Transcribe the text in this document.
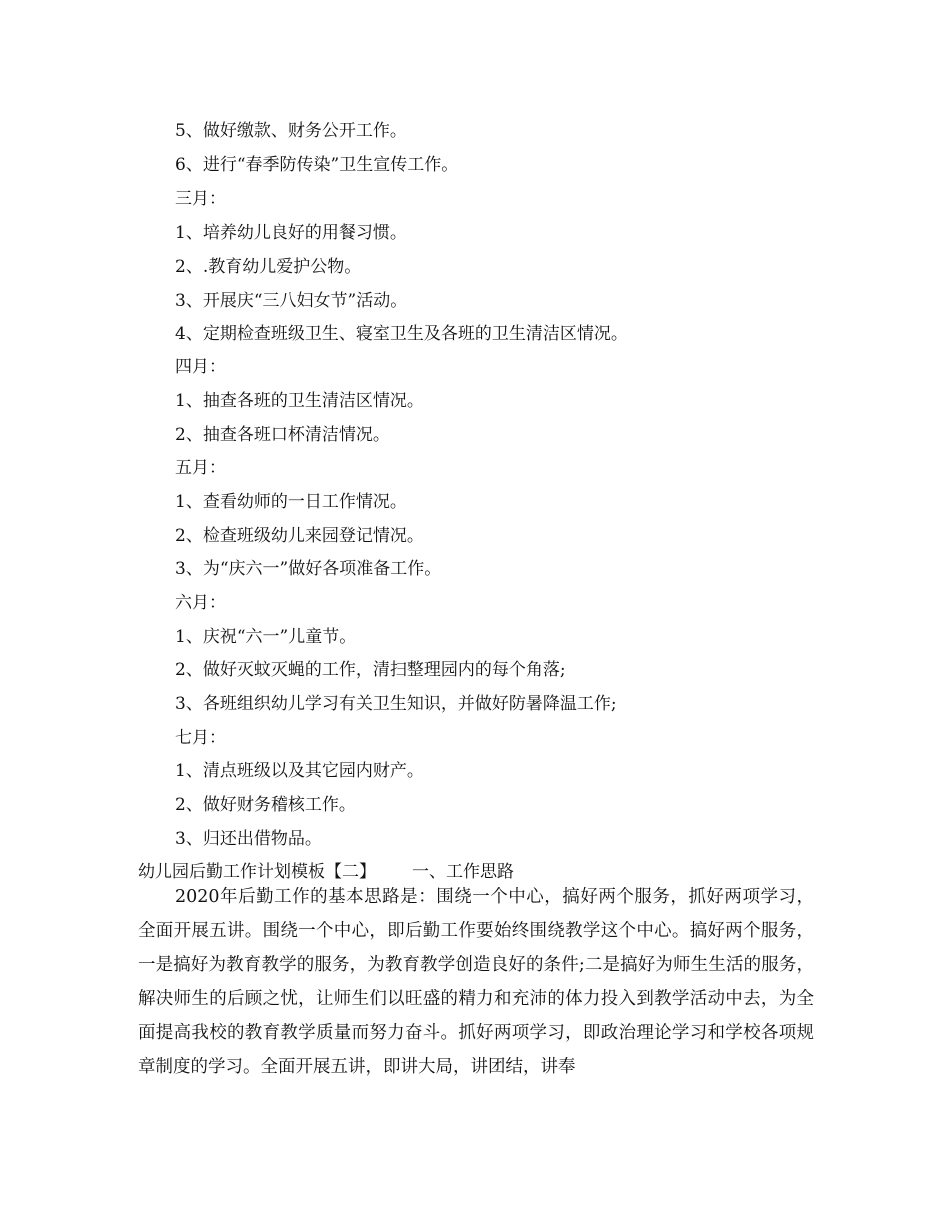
5、做好缴款、财务公开工作。
6、进行“春季防传染”卫生宣传工作。
三月：
1、培养幼儿良好的用餐习惯。
2、.教育幼儿爱护公物。
3、开展庆“三八妇女节”活动。
4、定期检查班级卫生、寝室卫生及各班的卫生清洁区情况。
四月：
1、抽查各班的卫生清洁区情况。
2、抽查各班口杯清洁情况。
五月：
1、查看幼师的一日工作情况。
2、检查班级幼儿来园登记情况。
3、为“庆六一”做好各项准备工作。
六月：
1、庆祝“六一”儿童节。
2、做好灭蚊灭蝇的工作，清扫整理园内的每个角落;
3、各班组织幼儿学习有关卫生知识，并做好防暑降温工作;
七月：
1、清点班级以及其它园内财产。
2、做好财务稽核工作。
3、归还出借物品。
幼儿园后勤工作计划模板【二】 一、工作思路

2020年后勤工作的基本思路是：围绕一个中心，搞好两个服务，抓好两项学习，全面开展五讲。围绕一个中心，即后勤工作要始终围绕教学这个中心。搞好两个服务，一是搞好为教育教学的服务，为教育教学创造良好的条件;二是搞好为师生生活的服务，解决师生的后顾之忧，让师生们以旺盛的精力和充沛的体力投入到教学活动中去，为全面提高我校的教育教学质量而努力奋斗。抓好两项学习，即政治理论学习和学校各项规章制度的学习。全面开展五讲，即讲大局，讲团结，讲奉
